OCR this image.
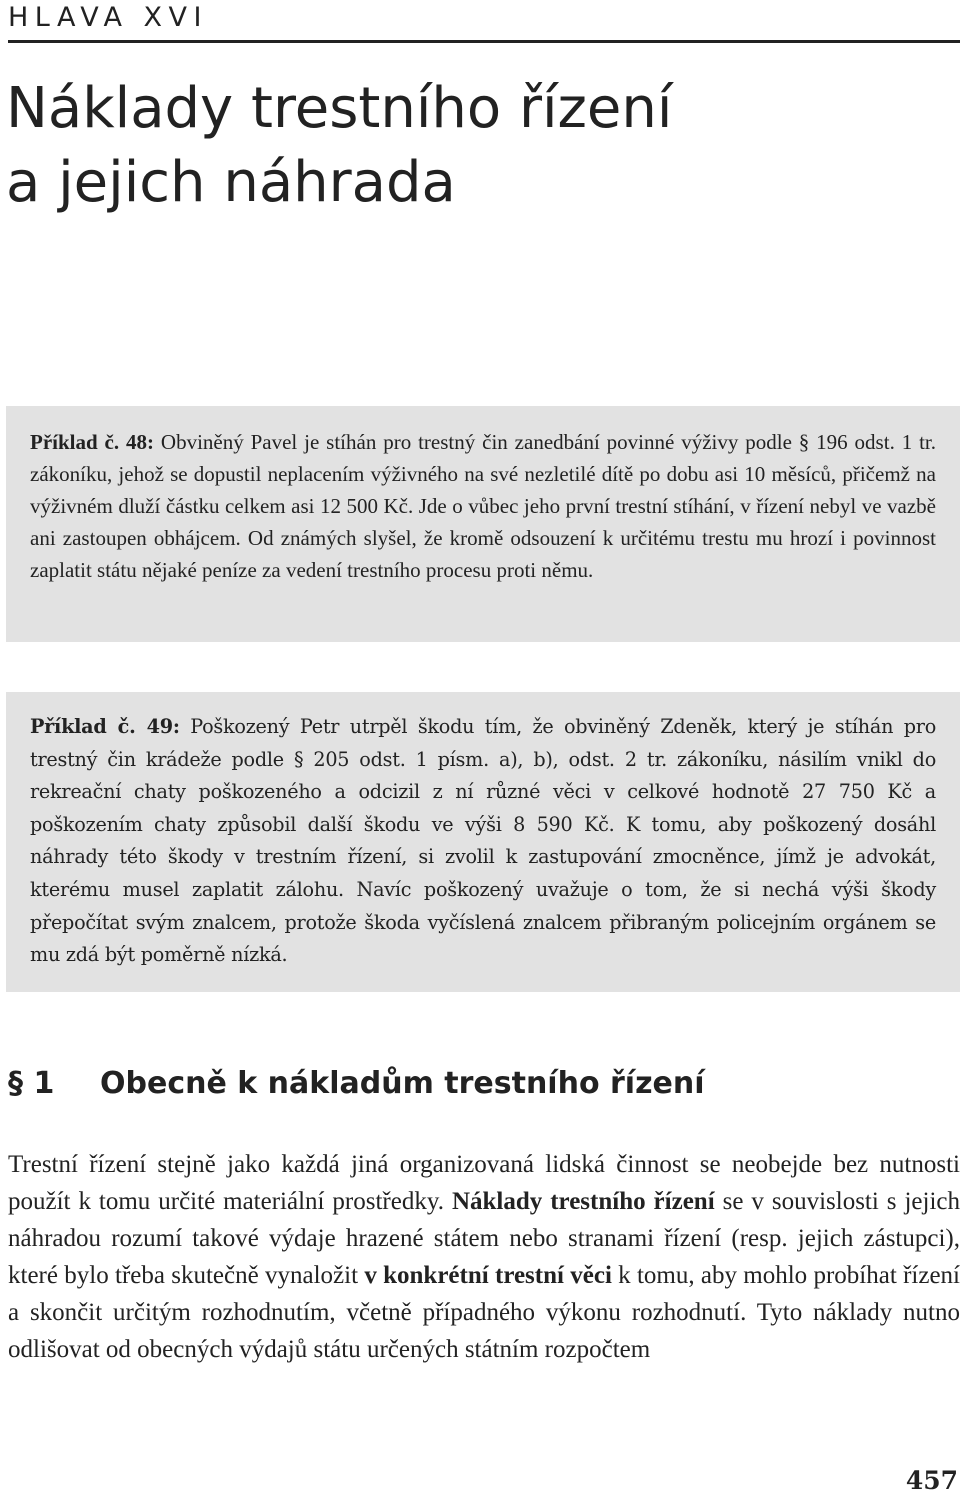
HLAVA XVI
Náklady trestního řízení
a jejich náhrada

Příklad č. 48: Obviněný Pavel je stíhán pro trestný čin zanedbání povinné výživy podle § 196 odst. 1 tr. zákoníku, jehož se dopustil neplacením výživného na své nezletilé dítě po dobu asi 10 měsíců, přičemž na výživném dluží částku celkem asi 12 500 Kč. Jde o vůbec jeho první trestní stíhání, v řízení nebyl ve vazbě ani zastoupen obhájcem. Od známých slyšel, že kromě odsouzení k určitému trestu mu hrozí i povinnost zaplatit státu nějaké peníze za vedení trestního procesu proti němu.

Příklad č. 49: Poškozený Petr utrpěl škodu tím, že obviněný Zdeněk, který je stíhán pro trestný čin krádeže podle § 205 odst. 1 písm. a), b), odst. 2 tr. zákoníku, násilím vnikl do rekreační chaty poškozeného a odcizil z ní různé věci v celkové hodnotě 27 750 Kč a poškozením chaty způsobil další škodu ve výši 8 590 Kč. K tomu, aby poškozený dosáhl náhrady této škody v trestním řízení, si zvolil k zastupování zmocněnce, jímž je advokát, kterému musel zaplatit zálohu. Navíc poškozený uvažuje o tom, že si nechá výši škody přepočítat svým znalcem, protože škoda vyčíslená znalcem přibraným policejním orgánem se mu zdá být poměrně nízká.

§ 1	Obecně k nákladům trestního řízení

Trestní řízení stejně jako každá jiná organizovaná lidská činnost se neobejde bez nutnosti použít k tomu určité materiální prostředky. Náklady trestního řízení se v souvislosti s jejich náhradou rozumí takové výdaje hrazené státem nebo stranami řízení (resp. jejich zástupci), které bylo třeba skutečně vynaložit v konkrétní trestní věci k tomu, aby mohlo probíhat řízení a skončit určitým rozhodnutím, včetně případného výkonu rozhodnutí. Tyto náklady nutno odlišovat od obecných výdajů státu určených státním rozpočtem

457
